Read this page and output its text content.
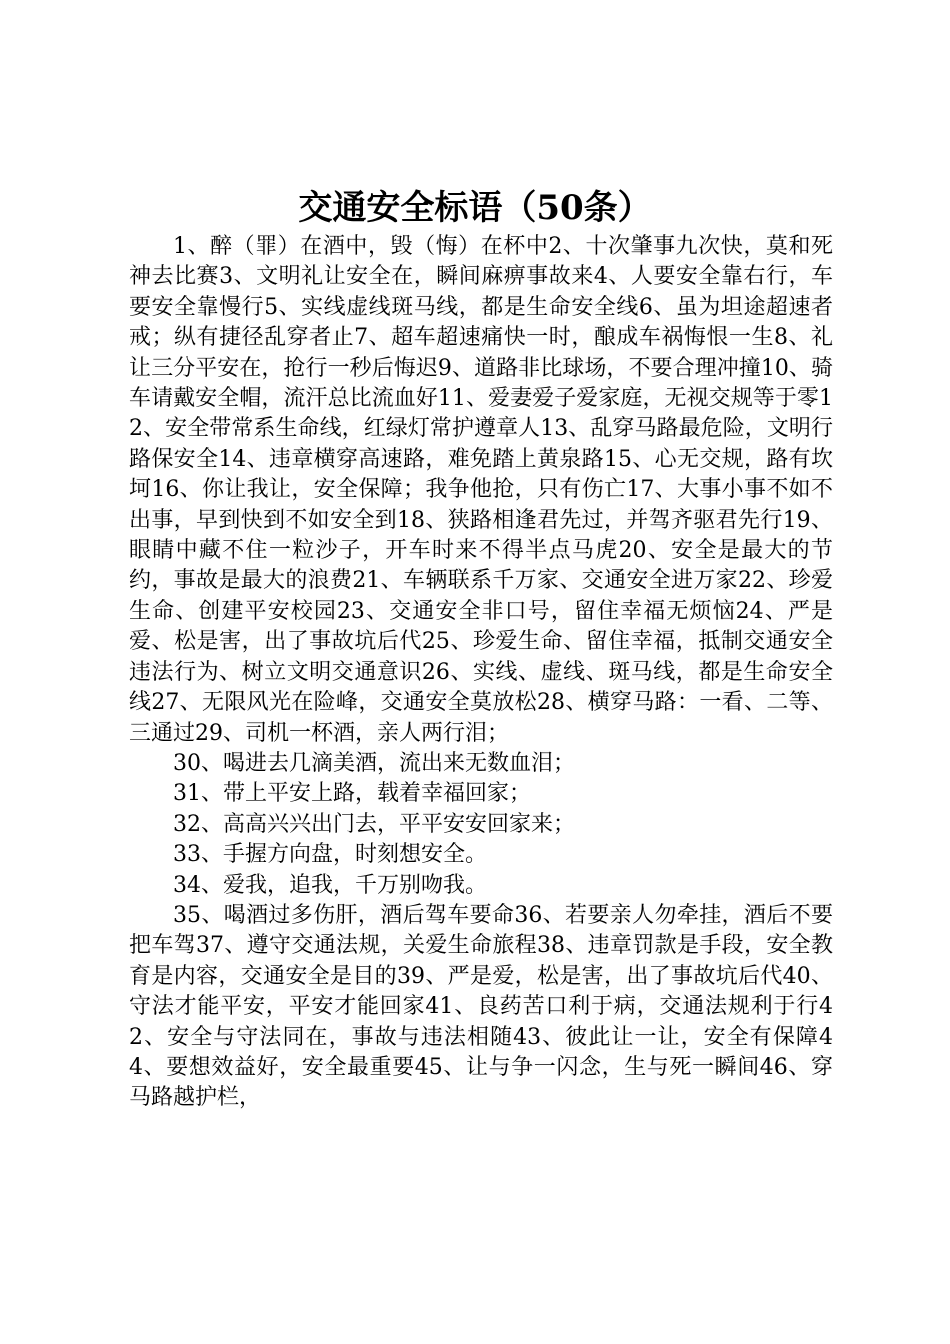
交通安全标语（50条）

1、醉（罪）在酒中，毁（悔）在杯中2、十次肇事九次快，莫和死神去比赛3、文明礼让安全在，瞬间麻痹事故来4、人要安全靠右行，车要安全靠慢行5、实线虚线斑马线，都是生命安全线6、虽为坦途超速者戒；纵有捷径乱穿者止7、超车超速痛快一时，酿成车祸悔恨一生8、礼让三分平安在，抢行一秒后悔迟9、道路非比球场，不要合理冲撞10、骑车请戴安全帽，流汗总比流血好11、爱妻爱子爱家庭，无视交规等于零12、安全带常系生命线，红绿灯常护遵章人13、乱穿马路最危险，文明行路保安全14、违章横穿高速路，难免踏上黄泉路15、心无交规，路有坎坷16、你让我让，安全保障；我争他抢，只有伤亡17、大事小事不如不出事，早到快到不如安全到18、狭路相逢君先过，并驾齐驱君先行19、眼睛中藏不住一粒沙子，开车时来不得半点马虎20、安全是最大的节约，事故是最大的浪费21、车辆联系千万家、交通安全进万家22、珍爱生命、创建平安校园23、交通安全非口号，留住幸福无烦恼24、严是爱、松是害，出了事故坑后代25、珍爱生命、留住幸福，抵制交通安全违法行为、树立文明交通意识26、实线、虚线、斑马线，都是生命安全线27、无限风光在险峰，交通安全莫放松28、横穿马路：一看、二等、三通过29、司机一杯酒，亲人两行泪；

30、喝进去几滴美酒，流出来无数血泪；

31、带上平安上路，载着幸福回家；

32、高高兴兴出门去，平平安安回家来；

33、手握方向盘，时刻想安全。

34、爱我，追我，千万别吻我。

35、喝酒过多伤肝，酒后驾车要命36、若要亲人勿牵挂，酒后不要把车驾37、遵守交通法规，关爱生命旅程38、违章罚款是手段，安全教育是内容，交通安全是目的39、严是爱，松是害，出了事故坑后代40、守法才能平安，平安才能回家41、良药苦口利于病，交通法规利于行42、安全与守法同在，事故与违法相随43、彼此让一让，安全有保障44、要想效益好，安全最重要45、让与争一闪念，生与死一瞬间46、穿马路越护栏，
